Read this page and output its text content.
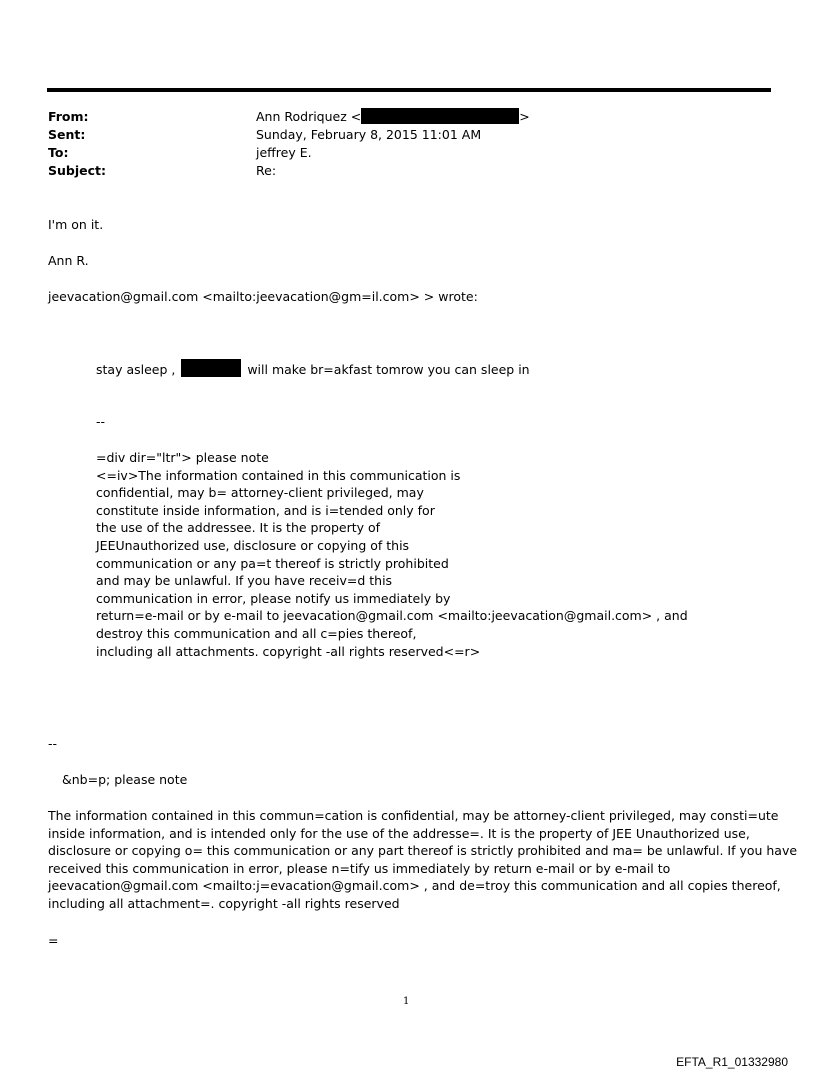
From:	Ann Rodriquez <	>
Sent:	Sunday, February 8, 2015 11:01 AM
To:	jeffrey E.
Subject:	Re:
I'm on it.
Ann R.
jeevacation@gmail.com <mailto:jeevacation@gm=il.com> > wrote:
stay asleep ,	will make br=akfast tomrow you can sleep in
--
=div dir="ltr"> please note
<=iv>The information contained in this communication is
confidential, may b= attorney-client privileged, may
constitute inside information, and is i=tended only for
the use of the addressee. It is the property of
JEEUnauthorized use, disclosure or copying of this
communication or any pa=t thereof is strictly prohibited
and may be unlawful. If you have receiv=d this
communication in error, please notify us immediately by
return=e-mail or by e-mail to jeevacation@gmail.com <mailto:jeevacation@gmail.com> , and
destroy this communication and all c=pies thereof,
including all attachments. copyright -all rights reserved<=r>
--
&nb=p; please note
The information contained in this commun=cation is confidential, may be attorney-client privileged, may consti=ute
inside information, and is intended only for the use of the addresse=. It is the property of JEE Unauthorized use,
disclosure or copying o= this communication or any part thereof is strictly prohibited and ma= be unlawful. If you have
received this communication in error, please n=tify us immediately by return e-mail or by e-mail to
jeevacation@gmail.com <mailto:j=evacation@gmail.com> , and de=troy this communication and all copies thereof,
including all attachment=. copyright -all rights reserved
=
1
EFTA_R1_01332980
